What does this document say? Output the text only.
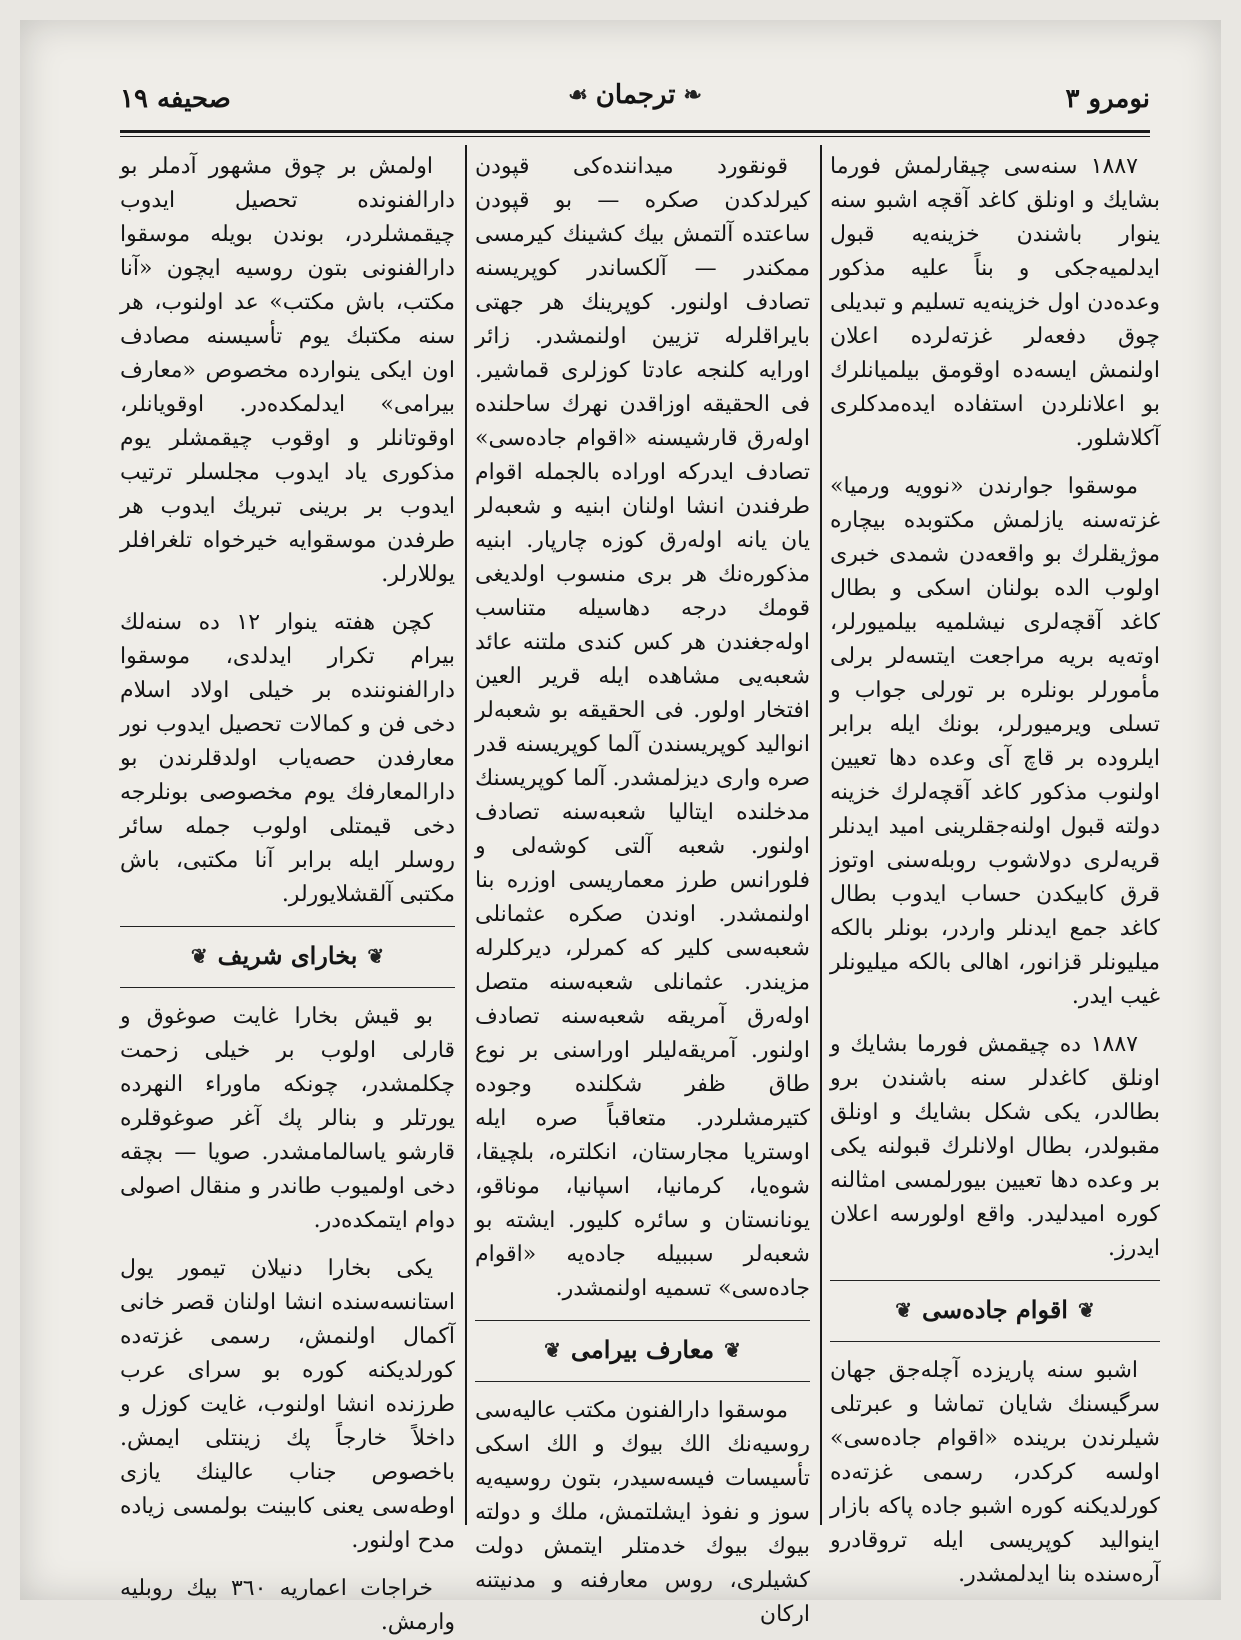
نومرو ٣
❧
ترجمان
☙
صحيفه ١٩

١٨٨٧ سنه‌سى چيقارلمش فورما بشايك و اونلق كاغد آقچه اشبو سنه ينوار باشندن خزينه‌يه قبول ايدلميه‌جكى و بناً عليه مذكور وعده‌دن اول خزينه‌يه تسليم و تبديلى چوق دفعه‌لر غزته‌لرده اعلان اولنمش ايسه‌ده اوقومق بيلميانلرك بو اعلانلردن استفاده ايده‌مدكلرى آكلاشلور.

موسقوا جوارندن «نوويه ورميا» غزته‌سنه يازلمش مكتوبده بيچاره موژيقلرك بو واقعه‌دن شمدى خبرى اولوب الده بولنان اسكى و بطال كاغد آقچه‌لرى نيشلميه بيلميورلر، اوته‌يه بريه مراجعت ايتسه‌لر برلى مأمورلر بونلره بر تورلى جواب و تسلى ويرميورلر، بونك ايله برابر ايلروده بر قاچ آى وعده دها تعيين اولنوب مذكور كاغد آقچه‌لرك خزينه دولته قبول اولنه‌جقلرينى اميد ايدنلر قريه‌لرى دولاشوب روبله‌سنى اوتوز قرق كابيكدن حساب ايدوب بطال كاغد جمع ايدنلر واردر، بونلر بالكه ميليونلر قزانور، اهالى بالكه ميليونلر غيب ايدر.

١٨٨٧ ده چيقمش فورما بشايك و اونلق كاغدلر سنه باشندن برو بطالدر، يكى شكل بشايك و اونلق مقبولدر، بطال اولانلرك قبولنه يكى بر وعده دها تعيين بيورلمسى امثالنه كوره اميدليدر. واقع اولورسه اعلان ايدرز.

❦
اقوام جاده‌سى
❦

اشبو سنه پاريزده آچله‌جق جهان سرگيسنك شايان تماشا و عبرتلى شيلرندن برينده «اقوام جاده‌سى» اولسه كركدر، رسمى غزته‌ده كورلديكنه كوره اشبو جاده پاكه بازار اينواليد كوپريسى ايله تروقادرو آره‌سنده بنا ايدلمشدر.

قونقورد ميداننده‌كى قپودن كيرلدكدن صكره — بو قپودن ساعتده آلتمش بيك كشينك كيرمسى ممكندر — آلكساندر كوپريسنه تصادف اولنور. كوپرينك هر جهتى بايراقلرله تزيين اولنمشدر. زائر اورايه كلنجه عادتا كوزلرى قماشير. فى الحقيقه اوزاقدن نهرك ساحلنده اوله‌رق قارشيسنه «اقوام جاده‌سى» تصادف ايدركه اوراده بالجمله اقوام طرفندن انشا اولنان ابنيه و شعبه‌لر يان يانه اوله‌رق كوزه چارپار. ابنيه مذكوره‌نك هر برى منسوب اولديغى قومك درجه دهاسيله متناسب اوله‌جغندن هر كس كندى ملتنه عائد شعبه‌يى مشاهده ايله قرير العين افتخار اولور. فى الحقيقه بو شعبه‌لر انواليد كوپريسندن آلما كوپريسنه قدر صره وارى ديزلمشدر. آلما كوپريسنك مدخلنده ايتاليا شعبه‌سنه تصادف اولنور. شعبه آلتى كوشه‌لى و فلورانس طرز معماريسى اوزره بنا اولنمشدر. اوندن صكره عثمانلى شعبه‌سى كلير كه كمرلر، ديركلرله مزيندر. عثمانلى شعبه‌سنه متصل اوله‌رق آمريقه شعبه‌سنه تصادف اولنور. آمريقه‌ليلر اوراسنى بر نوع طاق ظفر شكلنده وجوده كتيرمشلردر. متعاقباً صره ايله اوستريا مجارستان، انكلتره، بلچيقا، شوه‌يا، كرمانيا، اسپانيا، موناقو، يونانستان و سائره كليور. ايشته بو شعبه‌لر سببيله جاده‌يه «اقوام جاده‌سى» تسميه اولنمشدر.

❦
معارف بيرامى
❦

موسقوا دارالفنون مكتب عاليه‌سى روسيه‌نك الك بيوك و الك اسكى تأسيسات فيسه‌سيدر، بتون روسيه‌يه سوز و نفوذ ايشلتمش، ملك و دولته بيوك بيوك خدمتلر ايتمش دولت كشيلرى، روس معارفنه و مدنيتنه اركان

اولمش بر چوق مشهور آدملر بو دارالفنونده تحصيل ايدوب چيقمشلردر، بوندن بويله موسقوا دارالفنونى بتون روسيه ايچون «آنا مكتب، باش مكتب» عد اولنوب، هر سنه مكتبك يوم تأسيسنه مصادف اون ايكى ينوارده مخصوص «معارف بيرامى» ايدلمكده‌در. اوقويانلر، اوقوتانلر و اوقوب چيقمشلر يوم مذكورى ياد ايدوب مجلسلر ترتيب ايدوب بر برينى تبريك ايدوب هر طرفدن موسقوايه خيرخواه تلغرافلر يوللارلر.

كچن هفته ينوار ١٢ ده سنه‌لك بيرام تكرار ايدلدى، موسقوا دارالفنوننده بر خيلى اولاد اسلام دخى فن و كمالات تحصيل ايدوب نور معارفدن حصه‌ياب اولدقلرندن بو دارالمعارفك يوم مخصوصى بونلرجه دخى قيمتلى اولوب جمله سائر روسلر ايله برابر آنا مكتبى، باش مكتبى آلقشلايورلر.

❦
بخاراى شريف
❦

بو قيش بخارا غايت صوغوق و قارلى اولوب بر خيلى زحمت چكلمشدر، چونكه ماوراء النهرده يورتلر و بنالر پك آغر صوغوقلره قارشو ياسالمامشدر. صويا — بچقه دخى اولميوب طاندر و منقال اصولى دوام ايتمكده‌در.

يكى بخارا دنيلان تيمور يول استانسه‌سنده انشا اولنان قصر خانى آكمال اولنمش، رسمى غزته‌ده كورلديكنه كوره بو سراى عرب طرزنده انشا اولنوب، غايت كوزل و داخلاً خارجاً پك زينتلى ايمش. باخصوص جناب عالينك يازى اوطه‌سى يعنى كابينت بولمسى زياده مدح اولنور.

خراجات اعماريه ٣٦٠ بيك روبليه وارمش.
